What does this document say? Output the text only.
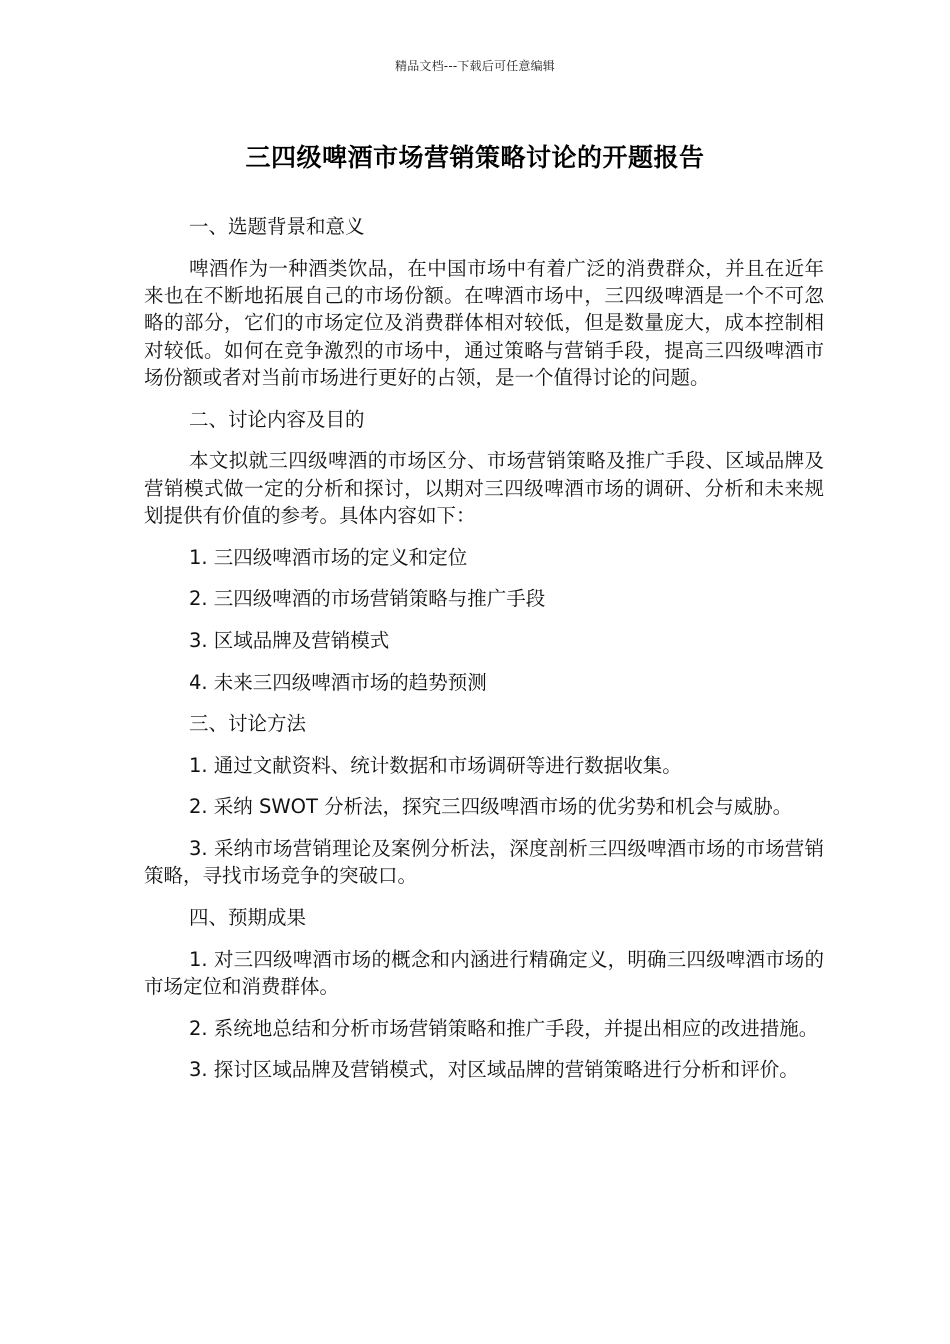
精品文档---下载后可任意编辑
三四级啤酒市场营销策略讨论的开题报告

一、选题背景和意义

啤酒作为一种酒类饮品，在中国市场中有着广泛的消费群众，并且在近年来也在不断地拓展自己的市场份额。在啤酒市场中，三四级啤酒是一个不可忽略的部分，它们的市场定位及消费群体相对较低，但是数量庞大，成本控制相对较低。如何在竞争激烈的市场中，通过策略与营销手段，提高三四级啤酒市场份额或者对当前市场进行更好的占领，是一个值得讨论的问题。

二、讨论内容及目的

本文拟就三四级啤酒的市场区分、市场营销策略及推广手段、区域品牌及营销模式做一定的分析和探讨，以期对三四级啤酒市场的调研、分析和未来规划提供有价值的参考。具体内容如下：

1. 三四级啤酒市场的定义和定位

2. 三四级啤酒的市场营销策略与推广手段

3. 区域品牌及营销模式

4. 未来三四级啤酒市场的趋势预测

三、讨论方法

1. 通过文献资料、统计数据和市场调研等进行数据收集。

2. 采纳 SWOT 分析法，探究三四级啤酒市场的优劣势和机会与威胁。

3. 采纳市场营销理论及案例分析法，深度剖析三四级啤酒市场的市场营销策略，寻找市场竞争的突破口。

四、预期成果

1. 对三四级啤酒市场的概念和内涵进行精确定义，明确三四级啤酒市场的市场定位和消费群体。

2. 系统地总结和分析市场营销策略和推广手段，并提出相应的改进措施。

3. 探讨区域品牌及营销模式，对区域品牌的营销策略进行分析和评价。
